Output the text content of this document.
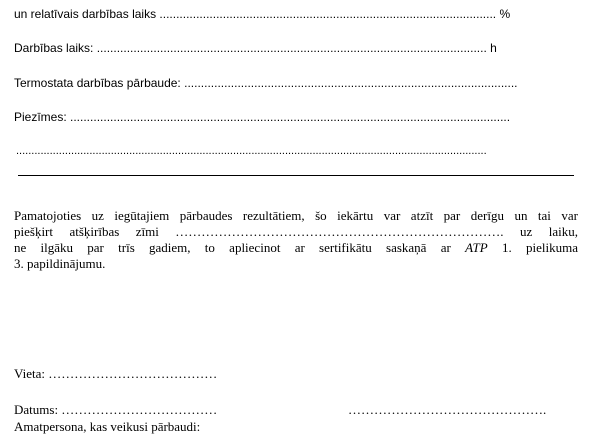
un relatīvais darbības laiks ..................................................................................................... %
Darbības laiks: ..................................................................................................................... h
Termostata darbības pārbaude: ....................................................................................................
Piezīmes: ....................................................................................................................................
..........................................................................................................................................................
Pamatojoties uz iegūtajiem pārbaudes rezultātiem, šo iekārtu var atzīt par derīgu un tai var
piešķirt atšķirības zīmi …………………………………………………………………. uz laiku,
ne ilgāku par trīs gadiem, to apliecinot ar sertifikātu saskaņā ar ATP 1. pielikuma
3. papildinājumu.
Vieta: …………………………………
Datums: ………………………………	……………………………………….
Amatpersona, kas veikusi pārbaudi:
